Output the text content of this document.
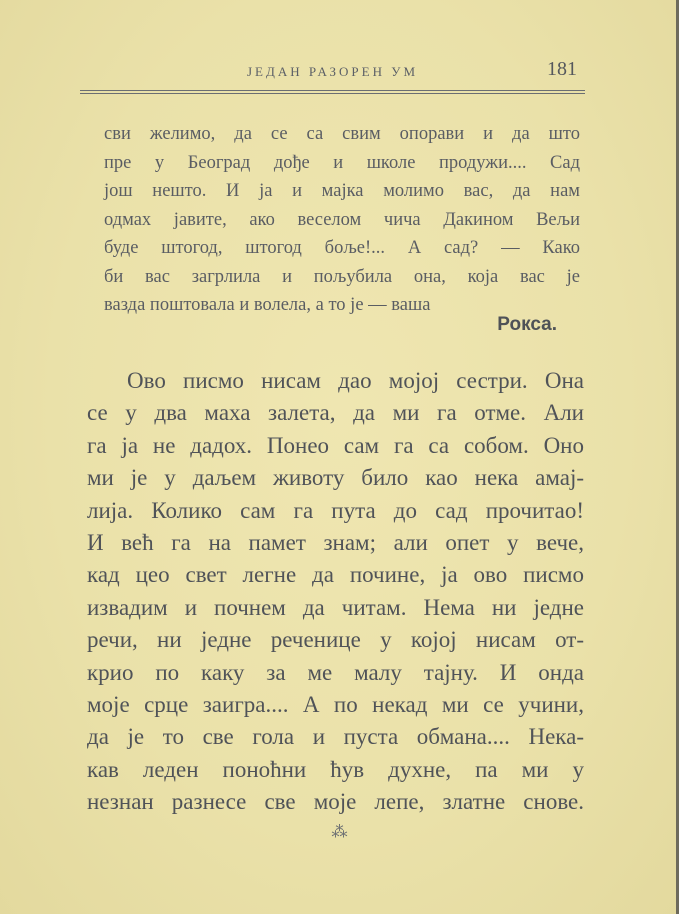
ЈЕДАН РАЗОРЕН УМ	181
сви желимо, да се са свим опорави и да што
пре у Београд дође и школе продужи.... Сад
још нешто. И ја и мајка молимо вас, да нам
одмах јавите, ако веселом чича Дакином Вељи
буде штогод, штогод боље!... А сад? — Како
би вас загрлила и пољубила она, која вас је
вазда поштовала и волела, а то је — ваша
Рокса.
Ово писмо нисам дао мојој сестри. Она
се у два маха залета, да ми га отме. Али
га ја не дадох. Понео сам га са собом. Оно
ми је у даљем животу било као нека амај-
лија. Колико сам га пута до сад прочитао!
И већ га на памет знам; али опет у вече,
кад цео свет легне да почине, ја ово писмо
извадим и почнем да читам. Нема ни једне
речи, ни једне реченице у којој нисам от-
крио по каку за ме малу тајну. И онда
моје срце заигра.... А по некад ми се учини,
да је то све гола и пуста обмана.... Нека-
кав леден поноћни ћув духне, па ми у
незнан разнесе све моје лепе, златне снове.
⁂
